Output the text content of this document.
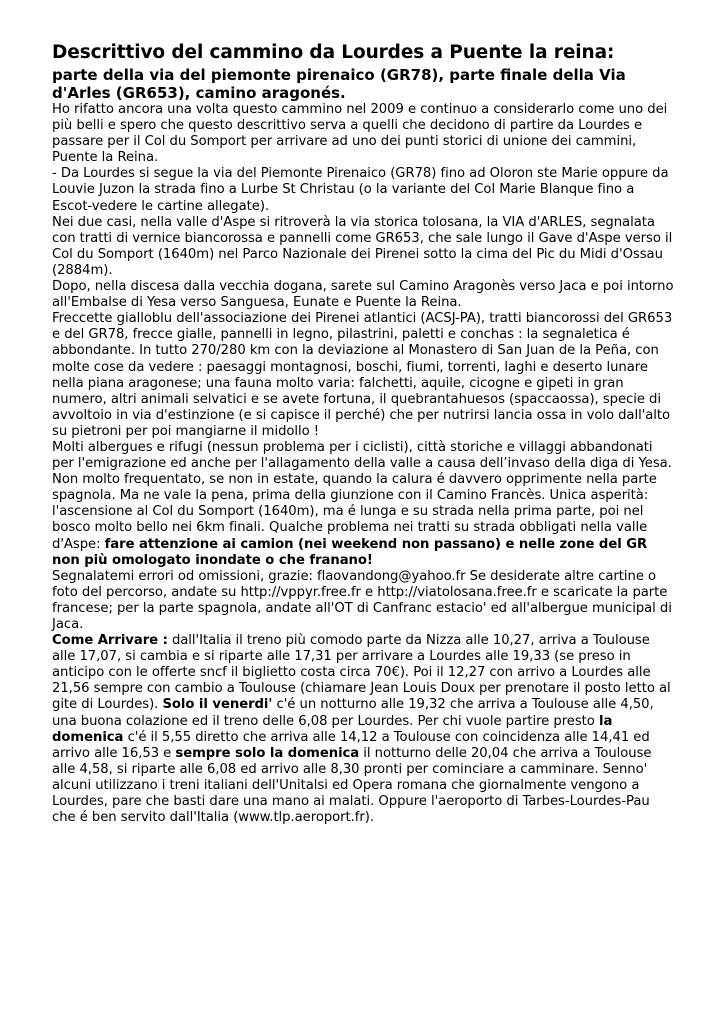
Descrittivo del cammino da Lourdes a Puente la reina:
parte della via del piemonte pirenaico (GR78), parte finale della Via d'Arles (GR653), camino aragonés.

Ho rifatto ancora una volta questo cammino nel 2009 e continuo a considerarlo come uno dei più belli e spero che questo descrittivo serva a quelli che decidono di partire da Lourdes e passare per il Col du Somport per arrivare ad uno dei punti storici di unione dei cammini, Puente la Reina.

- Da Lourdes si segue la via del Piemonte Pirenaico (GR78) fino ad Oloron ste Marie oppure da Louvie Juzon la strada fino a Lurbe St Christau (o la variante del Col Marie Blanque fino a Escot-vedere le cartine allegate).

Nei due casi, nella valle d'Aspe si ritroverà la via storica tolosana, la VIA d'ARLES, segnalata con tratti di vernice biancorossa e pannelli come GR653, che sale lungo il Gave d'Aspe verso il Col du Somport (1640m) nel Parco Nazionale dei Pirenei sotto la cima del Pic du Midi d'Ossau (2884m).

Dopo, nella discesa dalla vecchia dogana, sarete sul Camino Aragonès verso Jaca e poi intorno all'Embalse di Yesa verso Sanguesa, Eunate e Puente la Reina.

Freccette gialloblu dell'associazione dei Pirenei atlantici (ACSJ-PA), tratti biancorossi del GR653 e del GR78, frecce gialle, pannelli in legno, pilastrini, paletti e conchas : la segnaletica é abbondante. In tutto 270/280 km con la deviazione al Monastero di San Juan de la Peña, con molte cose da vedere : paesaggi montagnosi, boschi, fiumi, torrenti, laghi e deserto lunare nella piana aragonese; una fauna molto varia: falchetti, aquile, cicogne e gipeti in gran numero, altri animali selvatici e se avete fortuna, il quebrantahuesos (spaccaossa), specie di avvoltoio in via d'estinzione (e si capisce il perché) che per nutrirsi lancia ossa in volo dall'alto su pietroni per poi mangiarne il midollo !

Molti albergues e rifugi (nessun problema per i ciclisti), città storiche e villaggi abbandonati per l'emigrazione ed anche per l'allagamento della valle a causa dell’invaso della diga di Yesa. Non molto frequentato, se non in estate, quando la calura é davvero opprimente nella parte spagnola. Ma ne vale la pena, prima della giunzione con il Camino Francès. Unica asperità: l'ascensione al Col du Somport (1640m), ma é lunga e su strada nella prima parte, poi nel bosco molto bello nei 6km finali. Qualche problema nei tratti su strada obbligati nella valle d'Aspe: fare attenzione ai camion (nei weekend non passano) e nelle zone del GR non più omologato inondate o che franano!

Segnalatemi errori od omissioni, grazie: flaovandong@yahoo.fr Se desiderate altre cartine o foto del percorso, andate su http://vppyr.free.fr e http://viatolosana.free.fr e scaricate la parte francese; per la parte spagnola, andate all'OT di Canfranc estacio' ed all'albergue municipal di Jaca.

Come Arrivare : dall'Italia il treno più comodo parte da Nizza alle 10,27, arriva a Toulouse alle 17,07, si cambia e si riparte alle 17,31 per arrivare a Lourdes alle 19,33 (se preso in anticipo con le offerte sncf il biglietto costa circa 70€). Poi il 12,27 con arrivo a Lourdes alle 21,56 sempre con cambio a Toulouse (chiamare Jean Louis Doux per prenotare il posto letto al gite di Lourdes). Solo il venerdi' c'é un notturno alle 19,32 che arriva a Toulouse alle 4,50, una buona colazione ed il treno delle 6,08 per Lourdes. Per chi vuole partire presto la domenica c'é il 5,55 diretto che arriva alle 14,12 a Toulouse con coincidenza alle 14,41 ed arrivo alle 16,53 e sempre solo la domenica il notturno delle 20,04 che arriva a Toulouse alle 4,58, si riparte alle 6,08 ed arrivo alle 8,30 pronti per cominciare a camminare. Senno' alcuni utilizzano i treni italiani dell'Unitalsi ed Opera romana che giornalmente vengono a Lourdes, pare che basti dare una mano ai malati. Oppure l'aeroporto di Tarbes-Lourdes-Pau che é ben servito dall'Italia (www.tlp.aeroport.fr).
